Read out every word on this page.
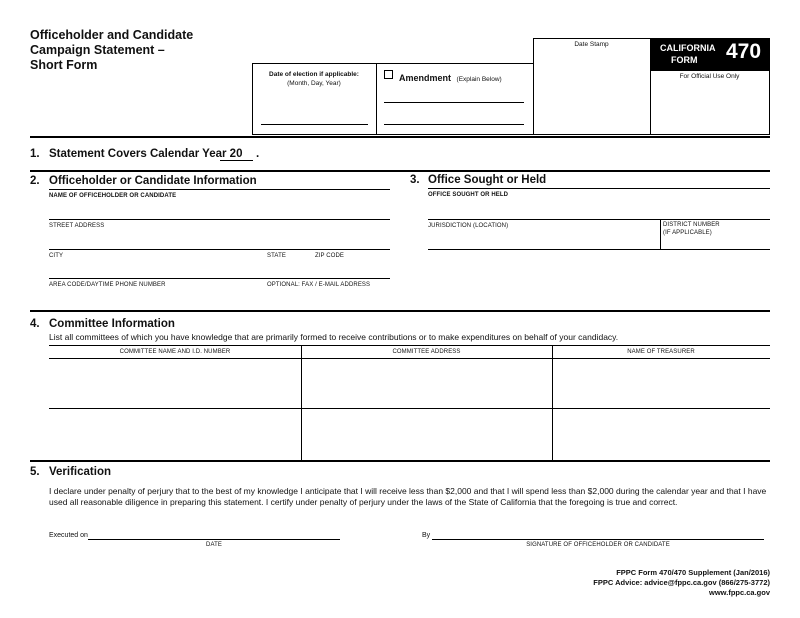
Officeholder and Candidate
Campaign Statement –
Short Form
Date of election if applicable:
(Month, Day, Year)
Amendment (Explain Below)
Date Stamp	CALIFORNIA
FORM 470
For Official Use Only
1. Statement Covers Calendar Year 20 .
2. Officeholder or Candidate Information
NAME OF OFFICEHOLDER OR CANDIDATE
STREET ADDRESS
CITY	STATE	ZIP CODE
AREA CODE/DAYTIME PHONE NUMBER	OPTIONAL: FAX / E-MAIL ADDRESS
3. Office Sought or Held
OFFICE SOUGHT OR HELD
JURISDICTION (LOCATION)	DISTRICT NUMBER
(IF APPLICABLE)
4. Committee Information
List all committees of which you have knowledge that are primarily formed to receive contributions or to make expenditures on behalf of your candidacy.
COMMITTEE NAME AND I.D. NUMBER	COMMITTEE ADDRESS	NAME OF TREASURER
5. Verification
I declare under penalty of perjury that to the best of my knowledge I anticipate that I will receive less than $2,000 and that I will spend less than $2,000 during the calendar year and that I have used all reasonable diligence in preparing this statement. I certify under penalty of perjury under the laws of the State of California that the foregoing is true and correct.
Executed on
DATE
By
SIGNATURE OF OFFICEHOLDER OR CANDIDATE
FPPC Form 470/470 Supplement (Jan/2016)
FPPC Advice: advice@fppc.ca.gov (866/275-3772)
www.fppc.ca.gov
